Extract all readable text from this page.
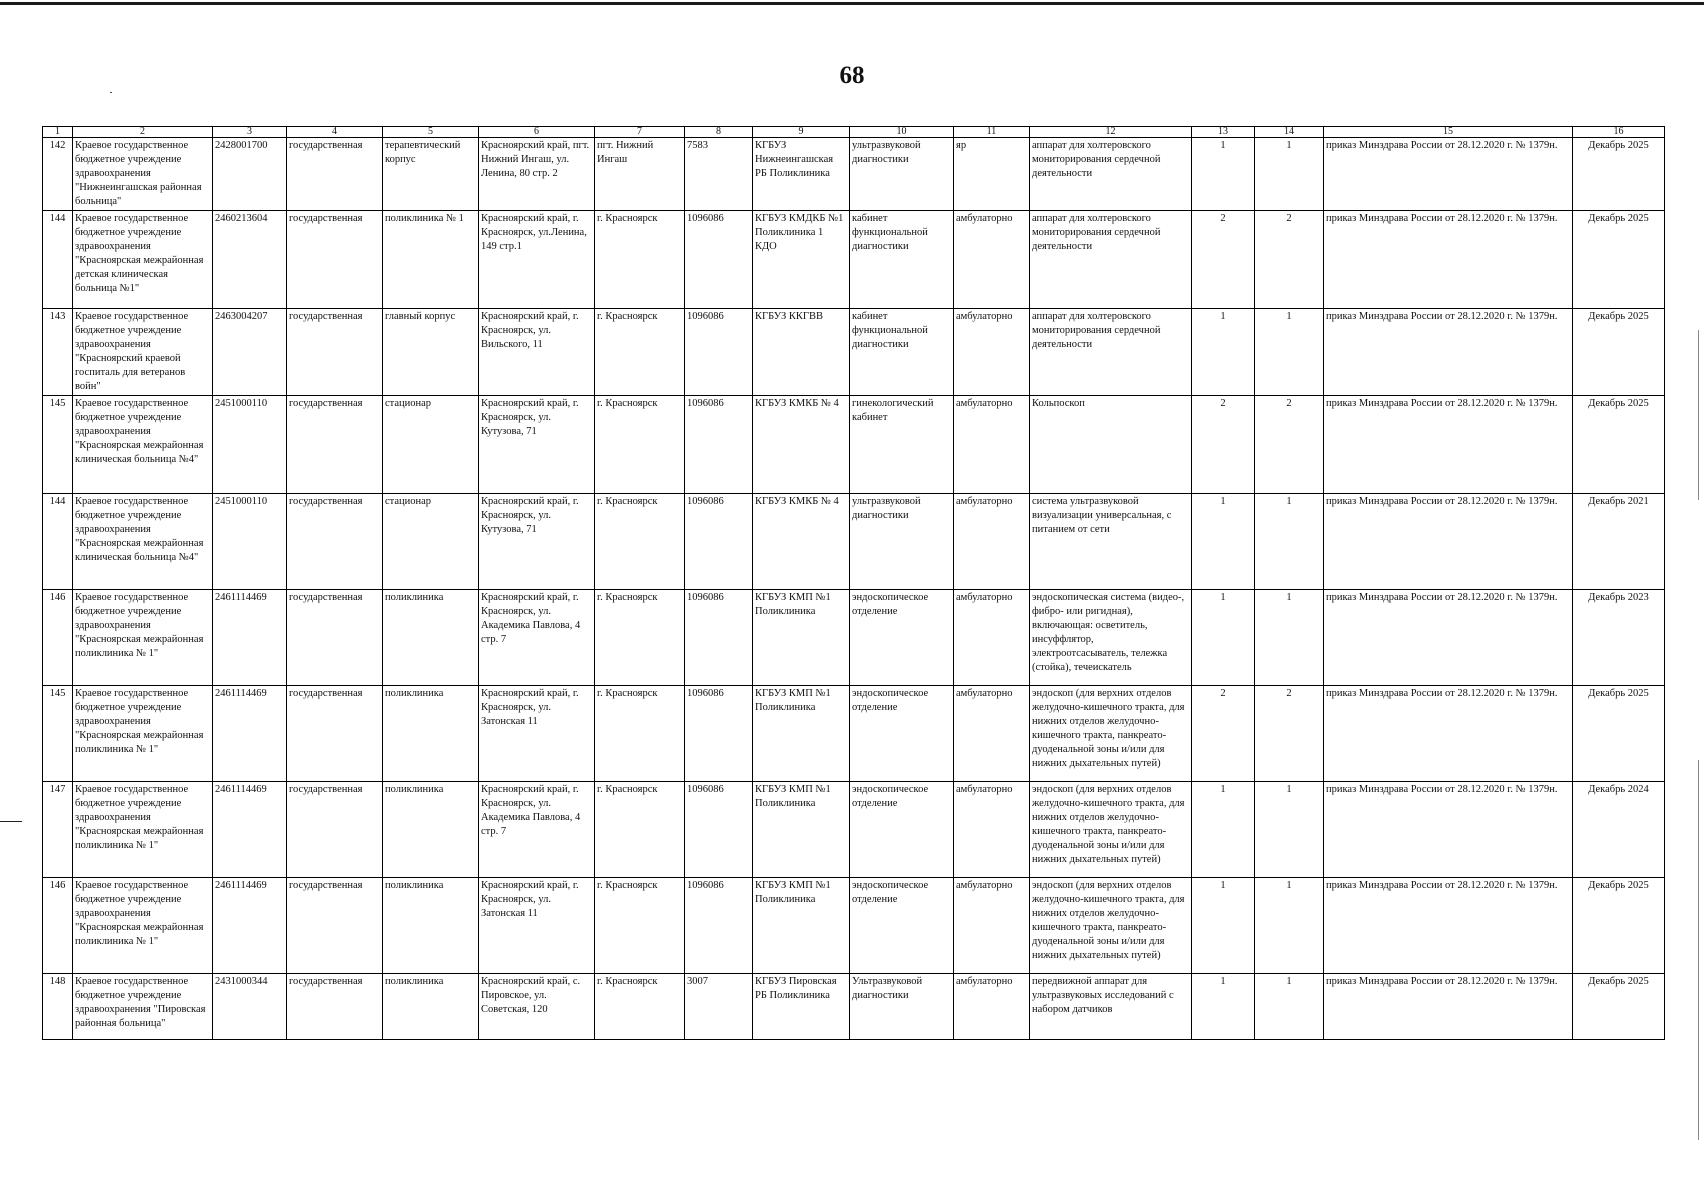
68
1	2	3	4	5	6	7	8	9	10	11	12	13	14	15	16
142	Краевое государственное бюджетное учреждение здравоохранения "Нижнеингашская районная больница"	2428001700	государственная	терапевтический корпус	Красноярский край, пгт. Нижний Ингаш, ул. Ленина, 80 стр. 2	пгт. Нижний Ингаш	7583	КГБУЗ Нижнеингашская РБ Поликлиника	ультразвуковой диагностики	яр	аппарат для холтеровского мониторирования сердечной деятельности	1	1	приказ Минздрава России от 28.12.2020 г. № 1379н.	Декабрь 2025
144	Краевое государственное бюджетное учреждение здравоохранения "Красноярская межрайонная детская клиническая больница №1"	2460213604	государственная	поликлиника № 1	Красноярский край, г. Красноярск, ул.Ленина, 149 стр.1	г. Красноярск	1096086	КГБУЗ КМДКБ №1 Поликлиника 1 КДО	кабинет функциональной диагностики	амбулаторно	аппарат для холтеровского мониторирования сердечной деятельности	2	2	приказ Минздрава России от 28.12.2020 г. № 1379н.	Декабрь 2025
143	Краевое государственное бюджетное учреждение здравоохранения "Красноярский краевой госпиталь для ветеранов войн"	2463004207	государственная	главный корпус	Красноярский край, г. Красноярск, ул. Вильского, 11	г. Красноярск	1096086	КГБУЗ ККГВВ	кабинет функциональной диагностики	амбулаторно	аппарат для холтеровского мониторирования сердечной деятельности	1	1	приказ Минздрава России от 28.12.2020 г. № 1379н.	Декабрь 2025
145	Краевое государственное бюджетное учреждение здравоохранения "Красноярская межрайонная клиническая больница №4"	2451000110	государственная	стационар	Красноярский край, г. Красноярск, ул. Кутузова, 71	г. Красноярск	1096086	КГБУЗ КМКБ № 4	гинекологический кабинет	амбулаторно	Кольпоскоп	2	2	приказ Минздрава России от 28.12.2020 г. № 1379н.	Декабрь 2025
144	Краевое государственное бюджетное учреждение здравоохранения "Красноярская межрайонная клиническая больница №4"	2451000110	государственная	стационар	Красноярский край, г. Красноярск, ул. Кутузова, 71	г. Красноярск	1096086	КГБУЗ КМКБ № 4	ультразвуковой диагностики	амбулаторно	система ультразвуковой визуализации универсальная, с питанием от сети	1	1	приказ Минздрава России от 28.12.2020 г. № 1379н.	Декабрь 2021
146	Краевое государственное бюджетное учреждение здравоохранения "Красноярская межрайонная поликлиника № 1"	2461114469	государственная	поликлиника	Красноярский край, г. Красноярск, ул. Академика Павлова, 4 стр. 7	г. Красноярск	1096086	КГБУЗ КМП №1 Поликлиника	эндоскопическое отделение	амбулаторно	эндоскопическая система (видео-, фибро- или ригидная), включающая: осветитель, инсуффлятор, электроотсасыватель, тележка (стойка), течеискатель	1	1	приказ Минздрава России от 28.12.2020 г. № 1379н.	Декабрь 2023
145	Краевое государственное бюджетное учреждение здравоохранения "Красноярская межрайонная поликлиника № 1"	2461114469	государственная	поликлиника	Красноярский край, г. Красноярск, ул. Затонская 11	г. Красноярск	1096086	КГБУЗ КМП №1 Поликлиника	эндоскопическое отделение	амбулаторно	эндоскоп (для верхних отделов желудочно-кишечного тракта, для нижних отделов желудочно-кишечного тракта, панкреато-дуоденальной зоны и/или для нижних дыхательных путей)	2	2	приказ Минздрава России от 28.12.2020 г. № 1379н.	Декабрь 2025
147	Краевое государственное бюджетное учреждение здравоохранения "Красноярская межрайонная поликлиника № 1"	2461114469	государственная	поликлиника	Красноярский край, г. Красноярск, ул. Академика Павлова, 4 стр. 7	г. Красноярск	1096086	КГБУЗ КМП №1 Поликлиника	эндоскопическое отделение	амбулаторно	эндоскоп (для верхних отделов желудочно-кишечного тракта, для нижних отделов желудочно-кишечного тракта, панкреато-дуоденальной зоны и/или для нижних дыхательных путей)	1	1	приказ Минздрава России от 28.12.2020 г. № 1379н.	Декабрь 2024
146	Краевое государственное бюджетное учреждение здравоохранения "Красноярская межрайонная поликлиника № 1"	2461114469	государственная	поликлиника	Красноярский край, г. Красноярск, ул. Затонская 11	г. Красноярск	1096086	КГБУЗ КМП №1 Поликлиника	эндоскопическое отделение	амбулаторно	эндоскоп (для верхних отделов желудочно-кишечного тракта, для нижних отделов желудочно-кишечного тракта, панкреато-дуоденальной зоны и/или для нижних дыхательных путей)	1	1	приказ Минздрава России от 28.12.2020 г. № 1379н.	Декабрь 2025
148	Краевое государственное бюджетное учреждение здравоохранения "Пировская районная больница"	2431000344	государственная	поликлиника	Красноярский край, с. Пировское, ул. Советская, 120	г. Красноярск	3007	КГБУЗ Пировская РБ Поликлиника	Ультразвуковой диагностики	амбулаторно	передвижной аппарат для ультразвуковых исследований с набором датчиков	1	1	приказ Минздрава России от 28.12.2020 г. № 1379н.	Декабрь 2025
